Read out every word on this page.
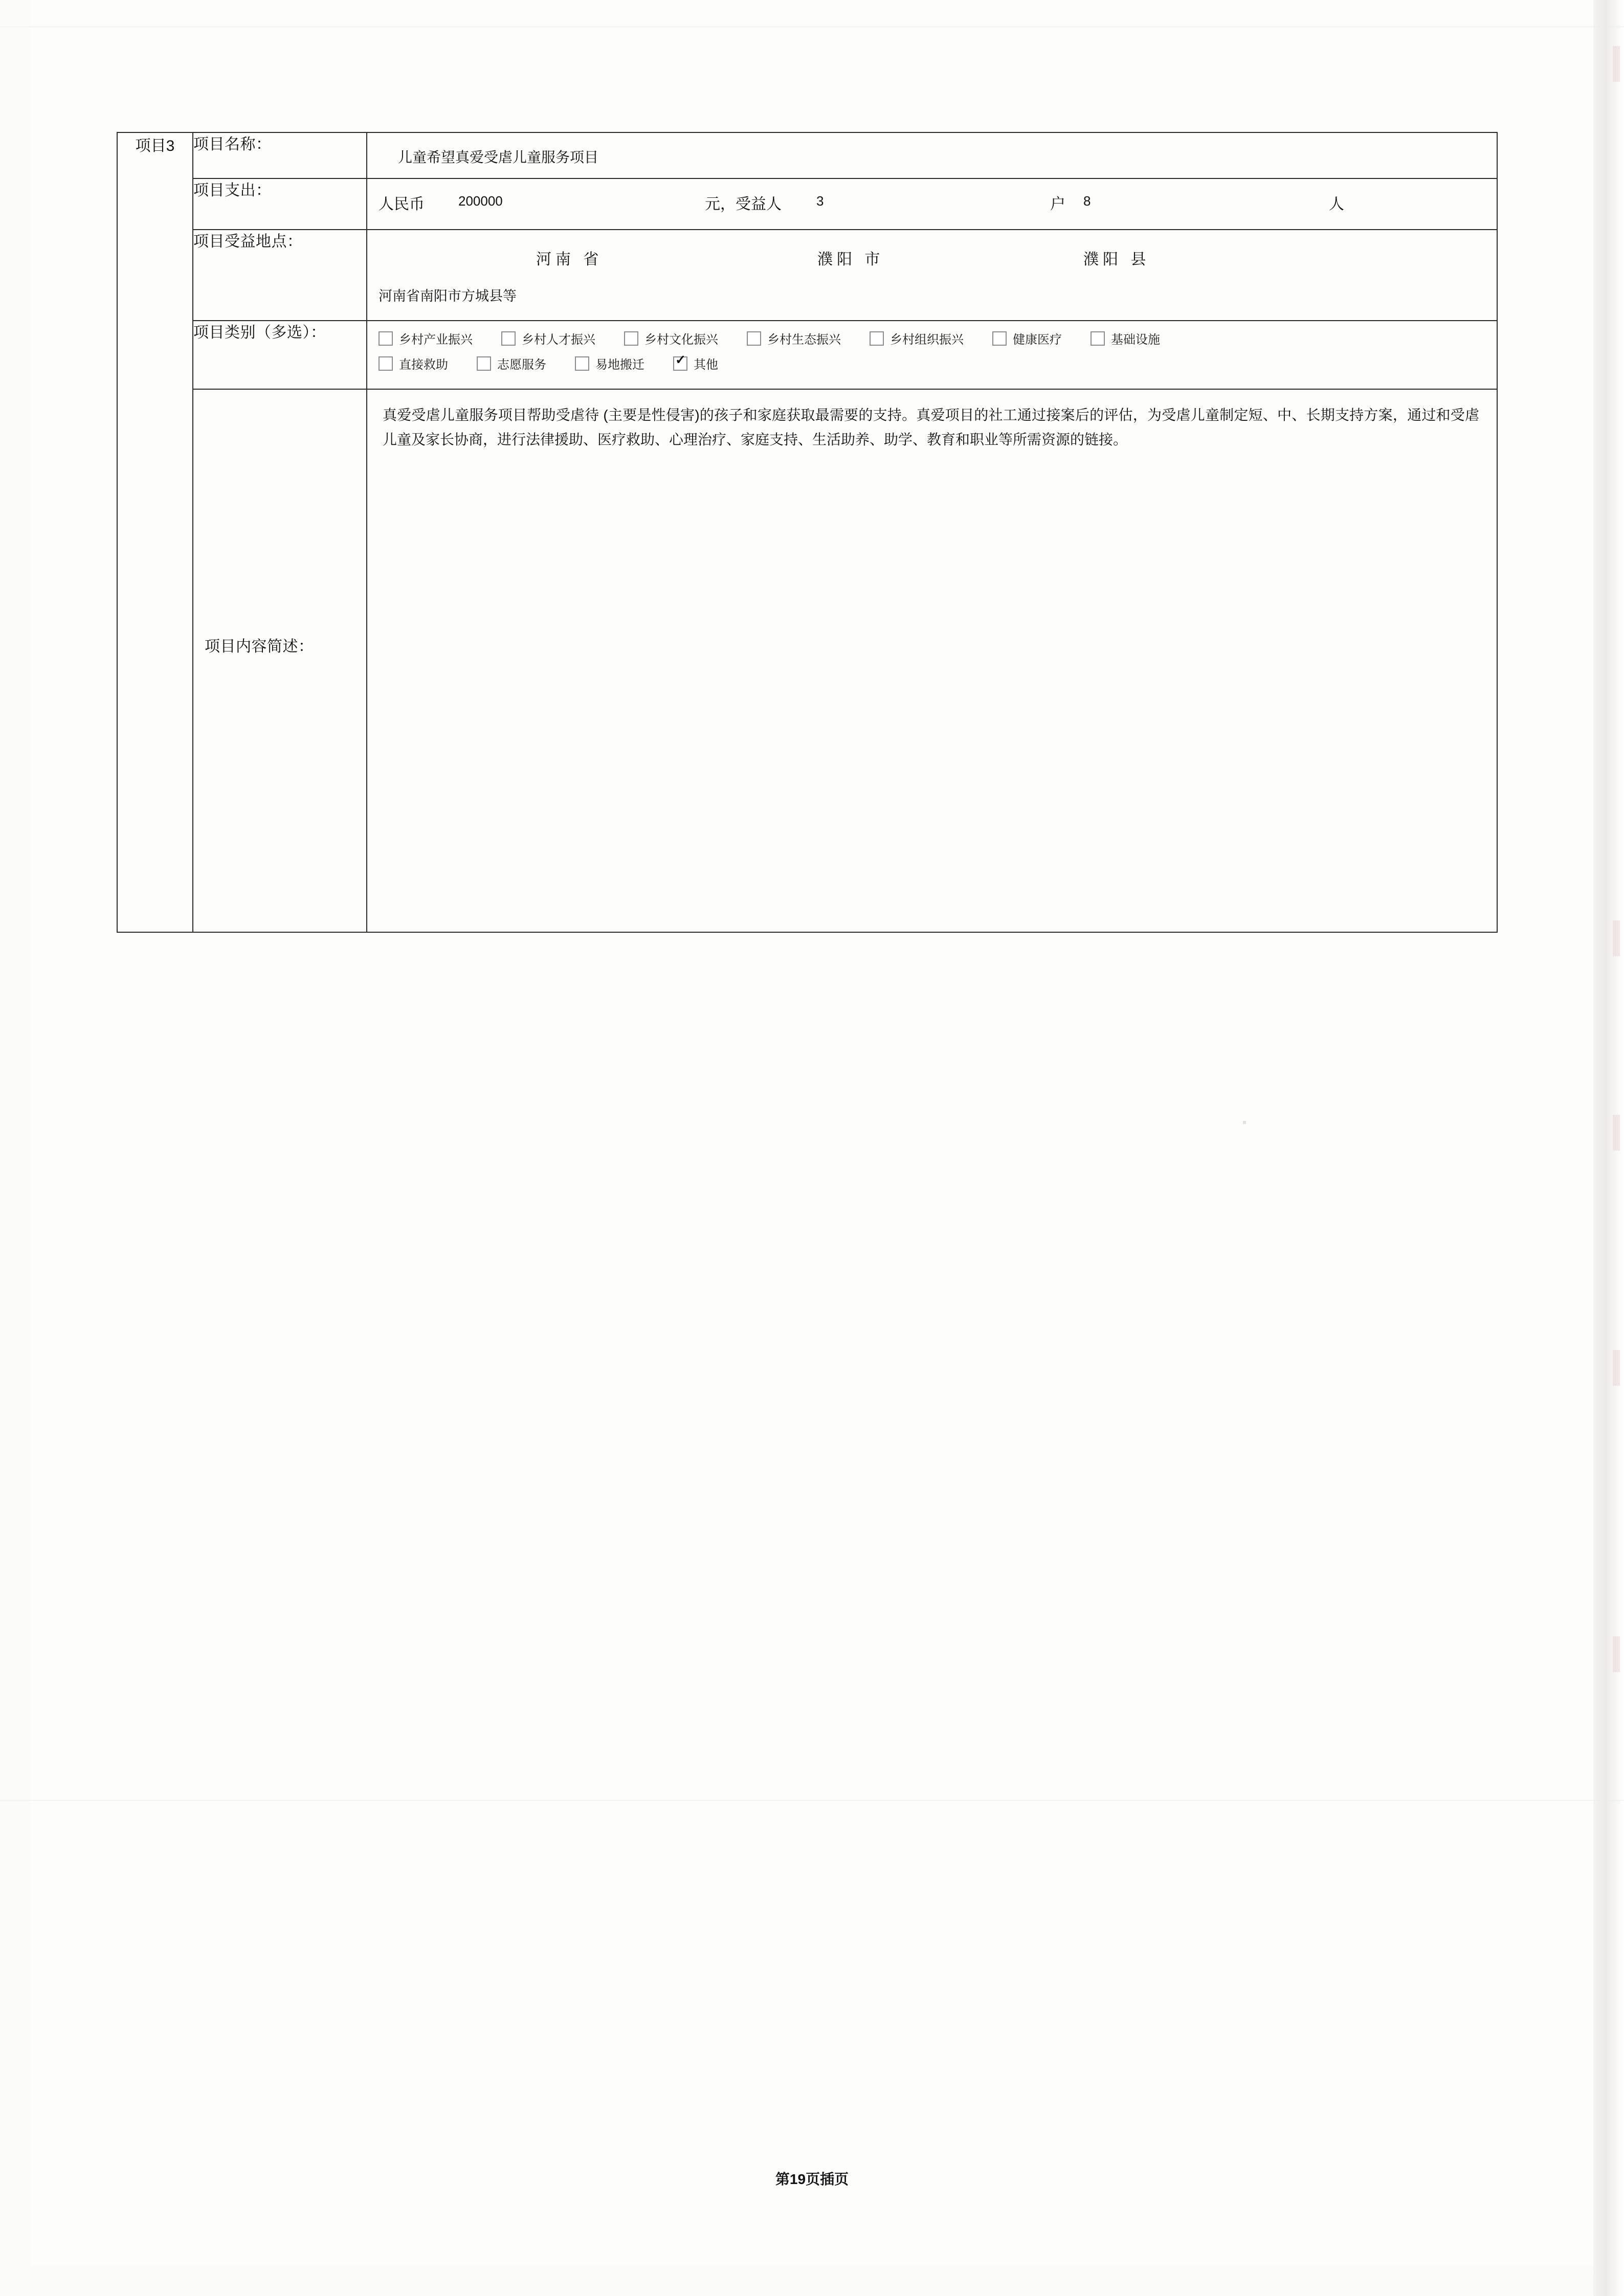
项目3	项目名称：	儿童希望真爱受虐儿童服务项目

项目支出：	
人民币	200000	元，受益人	3	户 8	人

	项目受益地点：	河南 省 濮阳 市 濮阳 县
河南省南阳市方城县等

项目类别（多选）：	乡村产业振兴	乡村人才振兴	乡村文化振兴	乡村生态振兴	乡村组织振兴	健康医疗	基础设施
直接救助	志愿服务	易地搬迁 ✓	其他

	项目内容简述：	真爱受虐儿童服务项目帮助受虐待 (主要是性侵害)的孩子和家庭获取最需要的支持。真爱项目的社工通过接案后的评估，为受虐儿童制定短、中、长期支持方案，通过和受虐儿童及家长协商，进行法律援助、医疗救助、心理治疗、家庭支持、生活助养、助学、教育和职业等所需资源的链接。
第19页插页
